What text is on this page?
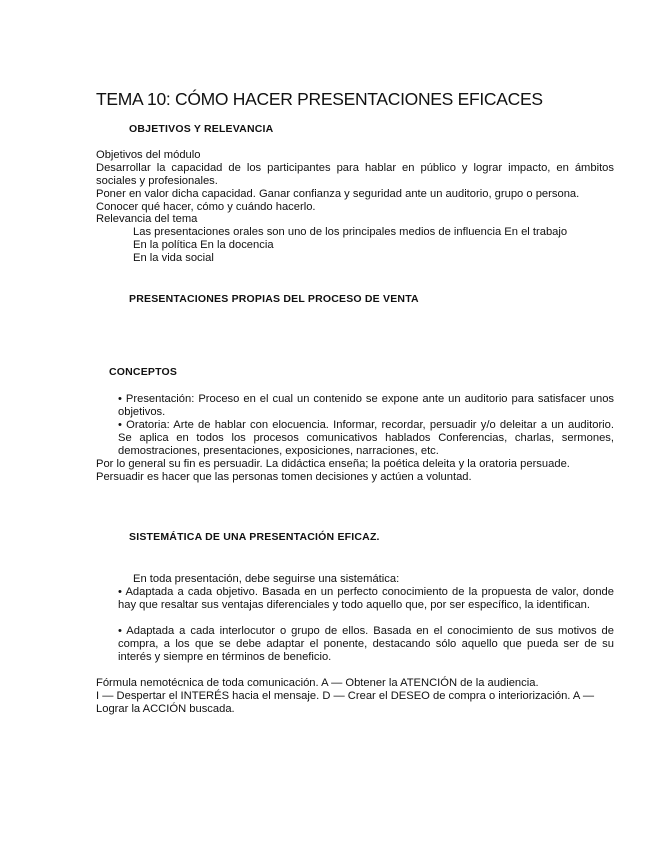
TEMA 10: CÓMO HACER PRESENTACIONES EFICACES
OBJETIVOS Y RELEVANCIA
Objetivos del módulo
Desarrollar la capacidad de los participantes para hablar en público y lograr impacto, en ámbitos sociales y profesionales.
Poner en valor dicha capacidad. Ganar confianza y seguridad ante un auditorio, grupo o persona.
Conocer qué hacer, cómo y cuándo hacerlo.
Relevancia del tema
Las presentaciones orales son uno de los principales medios de influencia En el trabajo
En la política En la docencia
En la vida social
PRESENTACIONES PROPIAS DEL PROCESO DE VENTA
CONCEPTOS
• Presentación: Proceso en el cual un contenido se expone ante un auditorio para satisfacer unos objetivos.
• Oratoria: Arte de hablar con elocuencia. Informar, recordar, persuadir y/o deleitar a un auditorio. Se aplica en todos los procesos comunicativos hablados Conferencias, charlas, sermones, demostraciones, presentaciones, exposiciones, narraciones, etc.
Por lo general su fin es persuadir. La didáctica enseña; la poética deleita y la oratoria persuade.
Persuadir es hacer que las personas tomen decisiones y actúen a voluntad.
SISTEMÁTICA DE UNA PRESENTACIÓN EFICAZ.
En toda presentación, debe seguirse una sistemática:
• Adaptada a cada objetivo. Basada en un perfecto conocimiento de la propuesta de valor, donde hay que resaltar sus ventajas diferenciales y todo aquello que, por ser específico, la identifican.
• Adaptada a cada interlocutor o grupo de ellos. Basada en el conocimiento de sus motivos de compra, a los que se debe adaptar el ponente, destacando sólo aquello que pueda ser de su interés y siempre en términos de beneficio.
Fórmula nemotécnica de toda comunicación. A — Obtener la ATENCIÓN de la audiencia.
I — Despertar el INTERÉS hacia el mensaje. D — Crear el DESEO de compra o interiorización. A —
Lograr la ACCIÓN buscada.
